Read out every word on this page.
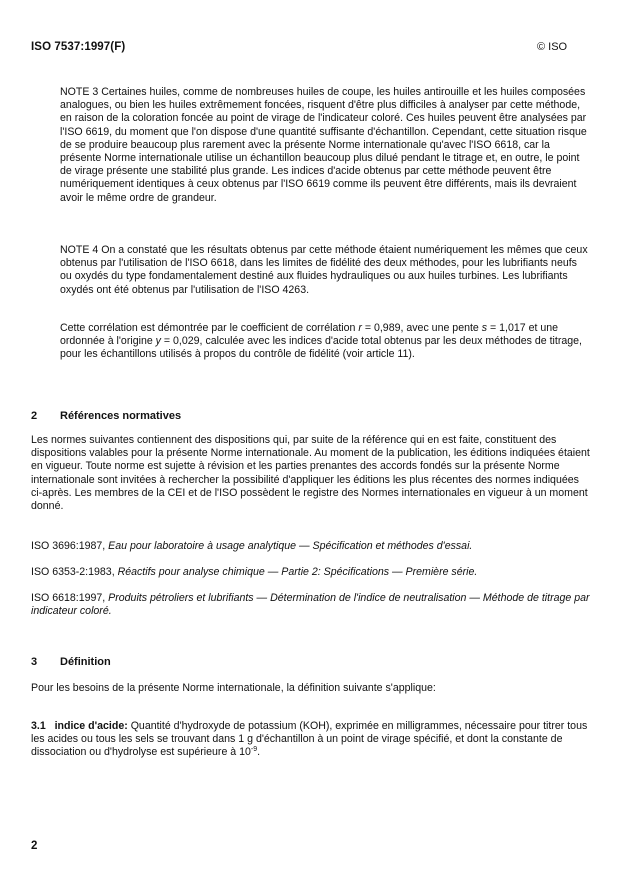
ISO 7537:1997(F)	© ISO

NOTE 3 Certaines huiles, comme de nombreuses huiles de coupe, les huiles antirouille et les huiles composées analogues, ou bien les huiles extrêmement foncées, risquent d'être plus difficiles à analyser par cette méthode, en raison de la coloration foncée au point de virage de l'indicateur coloré. Ces huiles peuvent être analysées par l'ISO 6619, du moment que l'on dispose d'une quantité suffisante d'échantillon. Cependant, cette situation risque de se produire beaucoup plus rarement avec la présente Norme internationale qu'avec l'ISO 6618, car la présente Norme internationale utilise un échantillon beaucoup plus dilué pendant le titrage et, en outre, le point de virage présente une stabilité plus grande. Les indices d'acide obtenus par cette méthode peuvent être numériquement identiques à ceux obtenus par l'ISO 6619 comme ils peuvent être différents, mais ils devraient avoir le même ordre de grandeur.

NOTE 4 On a constaté que les résultats obtenus par cette méthode étaient numériquement les mêmes que ceux obtenus par l'utilisation de l'ISO 6618, dans les limites de fidélité des deux méthodes, pour les lubrifiants neufs ou oxydés du type fondamentalement destiné aux fluides hydrauliques ou aux huiles turbines. Les lubrifiants oxydés ont été obtenus par l'utilisation de l'ISO 4263.

Cette corrélation est démontrée par le coefficient de corrélation r = 0,989, avec une pente s = 1,017 et une ordonnée à l'origine y = 0,029, calculée avec les indices d'acide total obtenus par les deux méthodes de titrage, pour les échantillons utilisés à propos du contrôle de fidélité (voir article 11).

2 Références normatives

Les normes suivantes contiennent des dispositions qui, par suite de la référence qui en est faite, constituent des dispositions valables pour la présente Norme internationale. Au moment de la publication, les éditions indiquées étaient en vigueur. Toute norme est sujette à révision et les parties prenantes des accords fondés sur la présente Norme internationale sont invitées à rechercher la possibilité d'appliquer les éditions les plus récentes des normes indiquées ci-après. Les membres de la CEI et de l'ISO possèdent le registre des Normes internationales en vigueur à un moment donné.

ISO 3696:1987, Eau pour laboratoire à usage analytique — Spécification et méthodes d'essai.

ISO 6353-2:1983, Réactifs pour analyse chimique — Partie 2: Spécifications — Première série.

ISO 6618:1997, Produits pétroliers et lubrifiants — Détermination de l'indice de neutralisation — Méthode de titrage par indicateur coloré.

3 Définition

Pour les besoins de la présente Norme internationale, la définition suivante s'applique:

3.1 indice d'acide: Quantité d'hydroxyde de potassium (KOH), exprimée en milligrammes, nécessaire pour titrer tous les acides ou tous les sels se trouvant dans 1 g d'échantillon à un point de virage spécifié, et dont la constante de dissociation ou d'hydrolyse est supérieure à $10^{-9}$.

2
